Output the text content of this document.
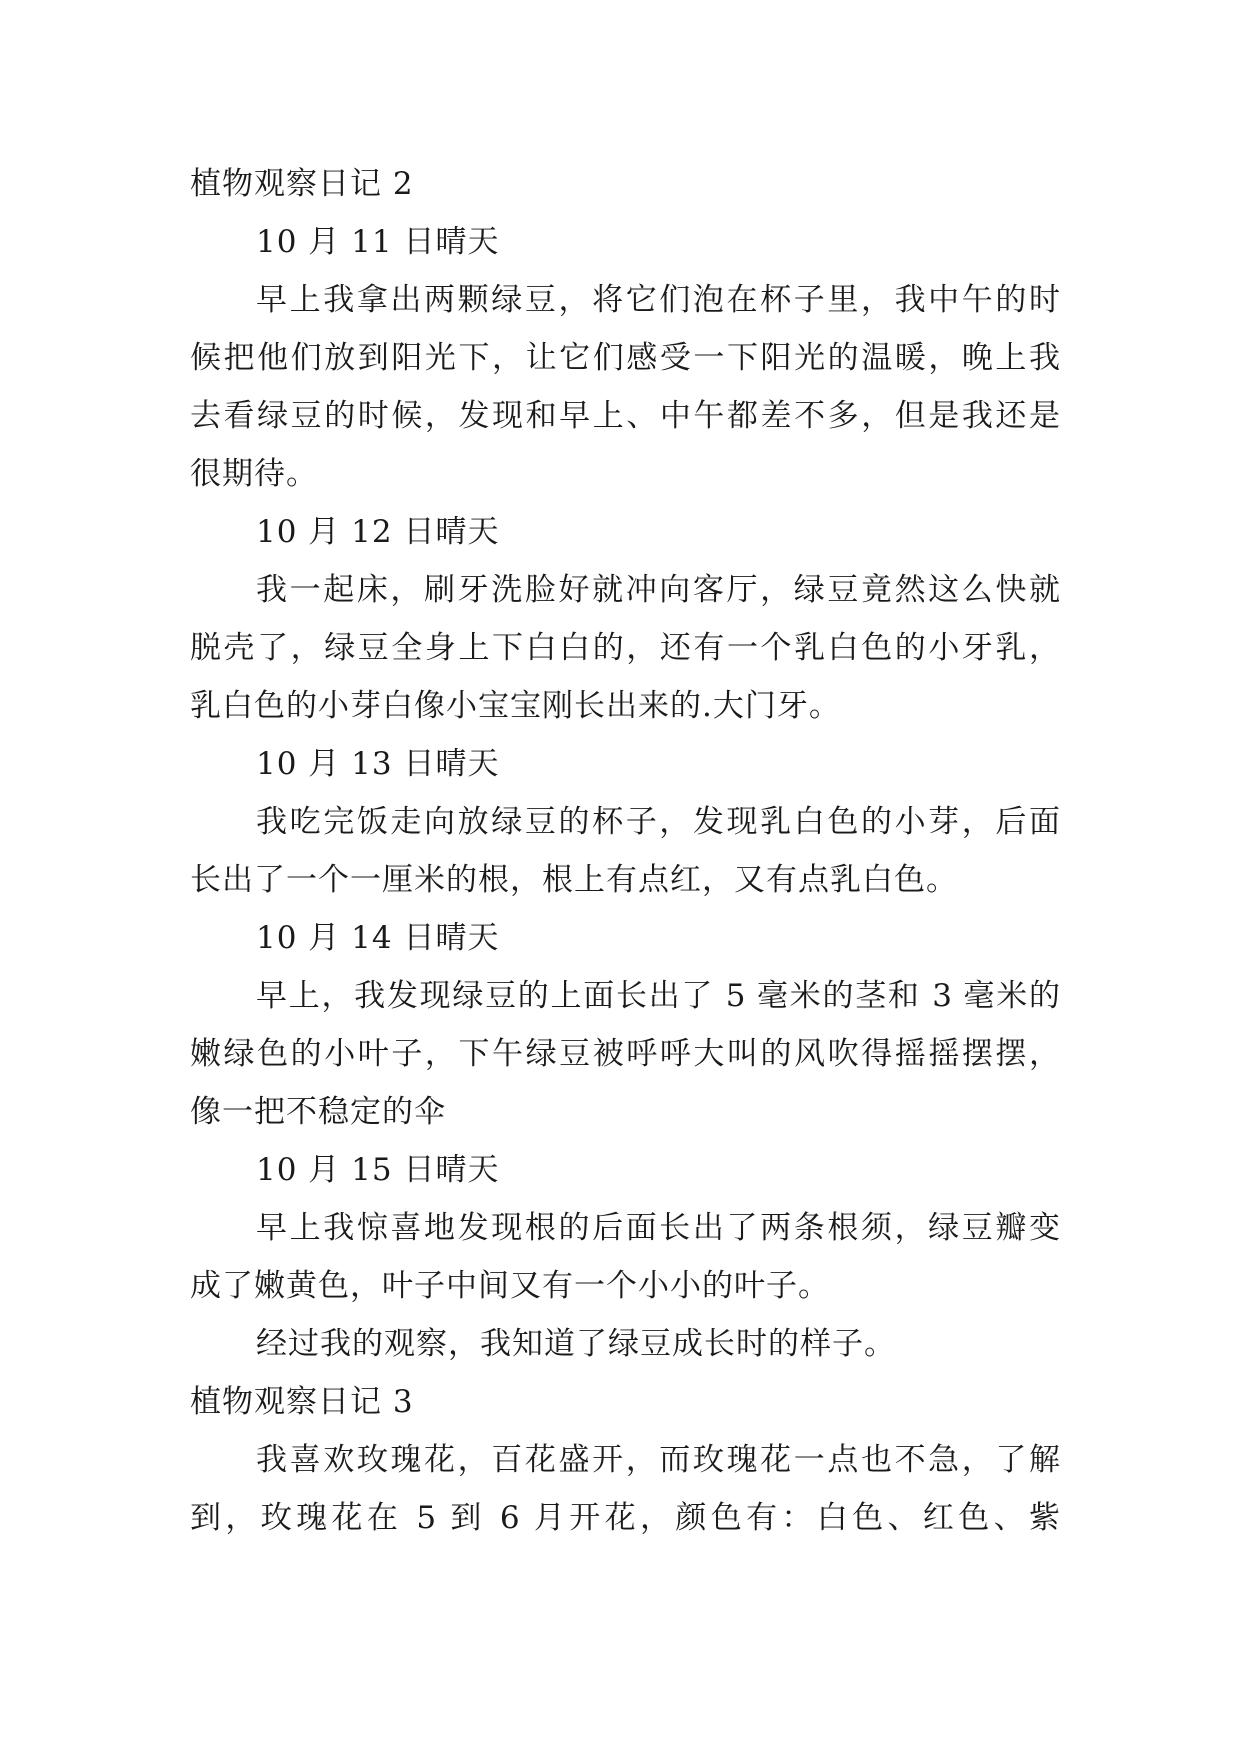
植物观察日记 2
10 月 11 日晴天
早上我拿出两颗绿豆，将它们泡在杯子里，我中午的时
候把他们放到阳光下，让它们感受一下阳光的温暖，晚上我
去看绿豆的时候，发现和早上、中午都差不多，但是我还是
很期待。
10 月 12 日晴天
我一起床，刷牙洗脸好就冲向客厅，绿豆竟然这么快就
脱壳了，绿豆全身上下白白的，还有一个乳白色的小牙乳，
乳白色的小芽白像小宝宝刚长出来的.大门牙。
10 月 13 日晴天
我吃完饭走向放绿豆的杯子，发现乳白色的小芽，后面
长出了一个一厘米的根，根上有点红，又有点乳白色。
10 月 14 日晴天
早上，我发现绿豆的上面长出了 5 毫米的茎和 3 毫米的
嫩绿色的小叶子，下午绿豆被呼呼大叫的风吹得摇摇摆摆，
像一把不稳定的伞
10 月 15 日晴天
早上我惊喜地发现根的后面长出了两条根须，绿豆瓣变
成了嫩黄色，叶子中间又有一个小小的叶子。
经过我的观察，我知道了绿豆成长时的样子。
植物观察日记 3
我喜欢玫瑰花，百花盛开，而玫瑰花一点也不急，了解
到，玫瑰花在 5 到 6 月开花，颜色有：白色、红色、紫
